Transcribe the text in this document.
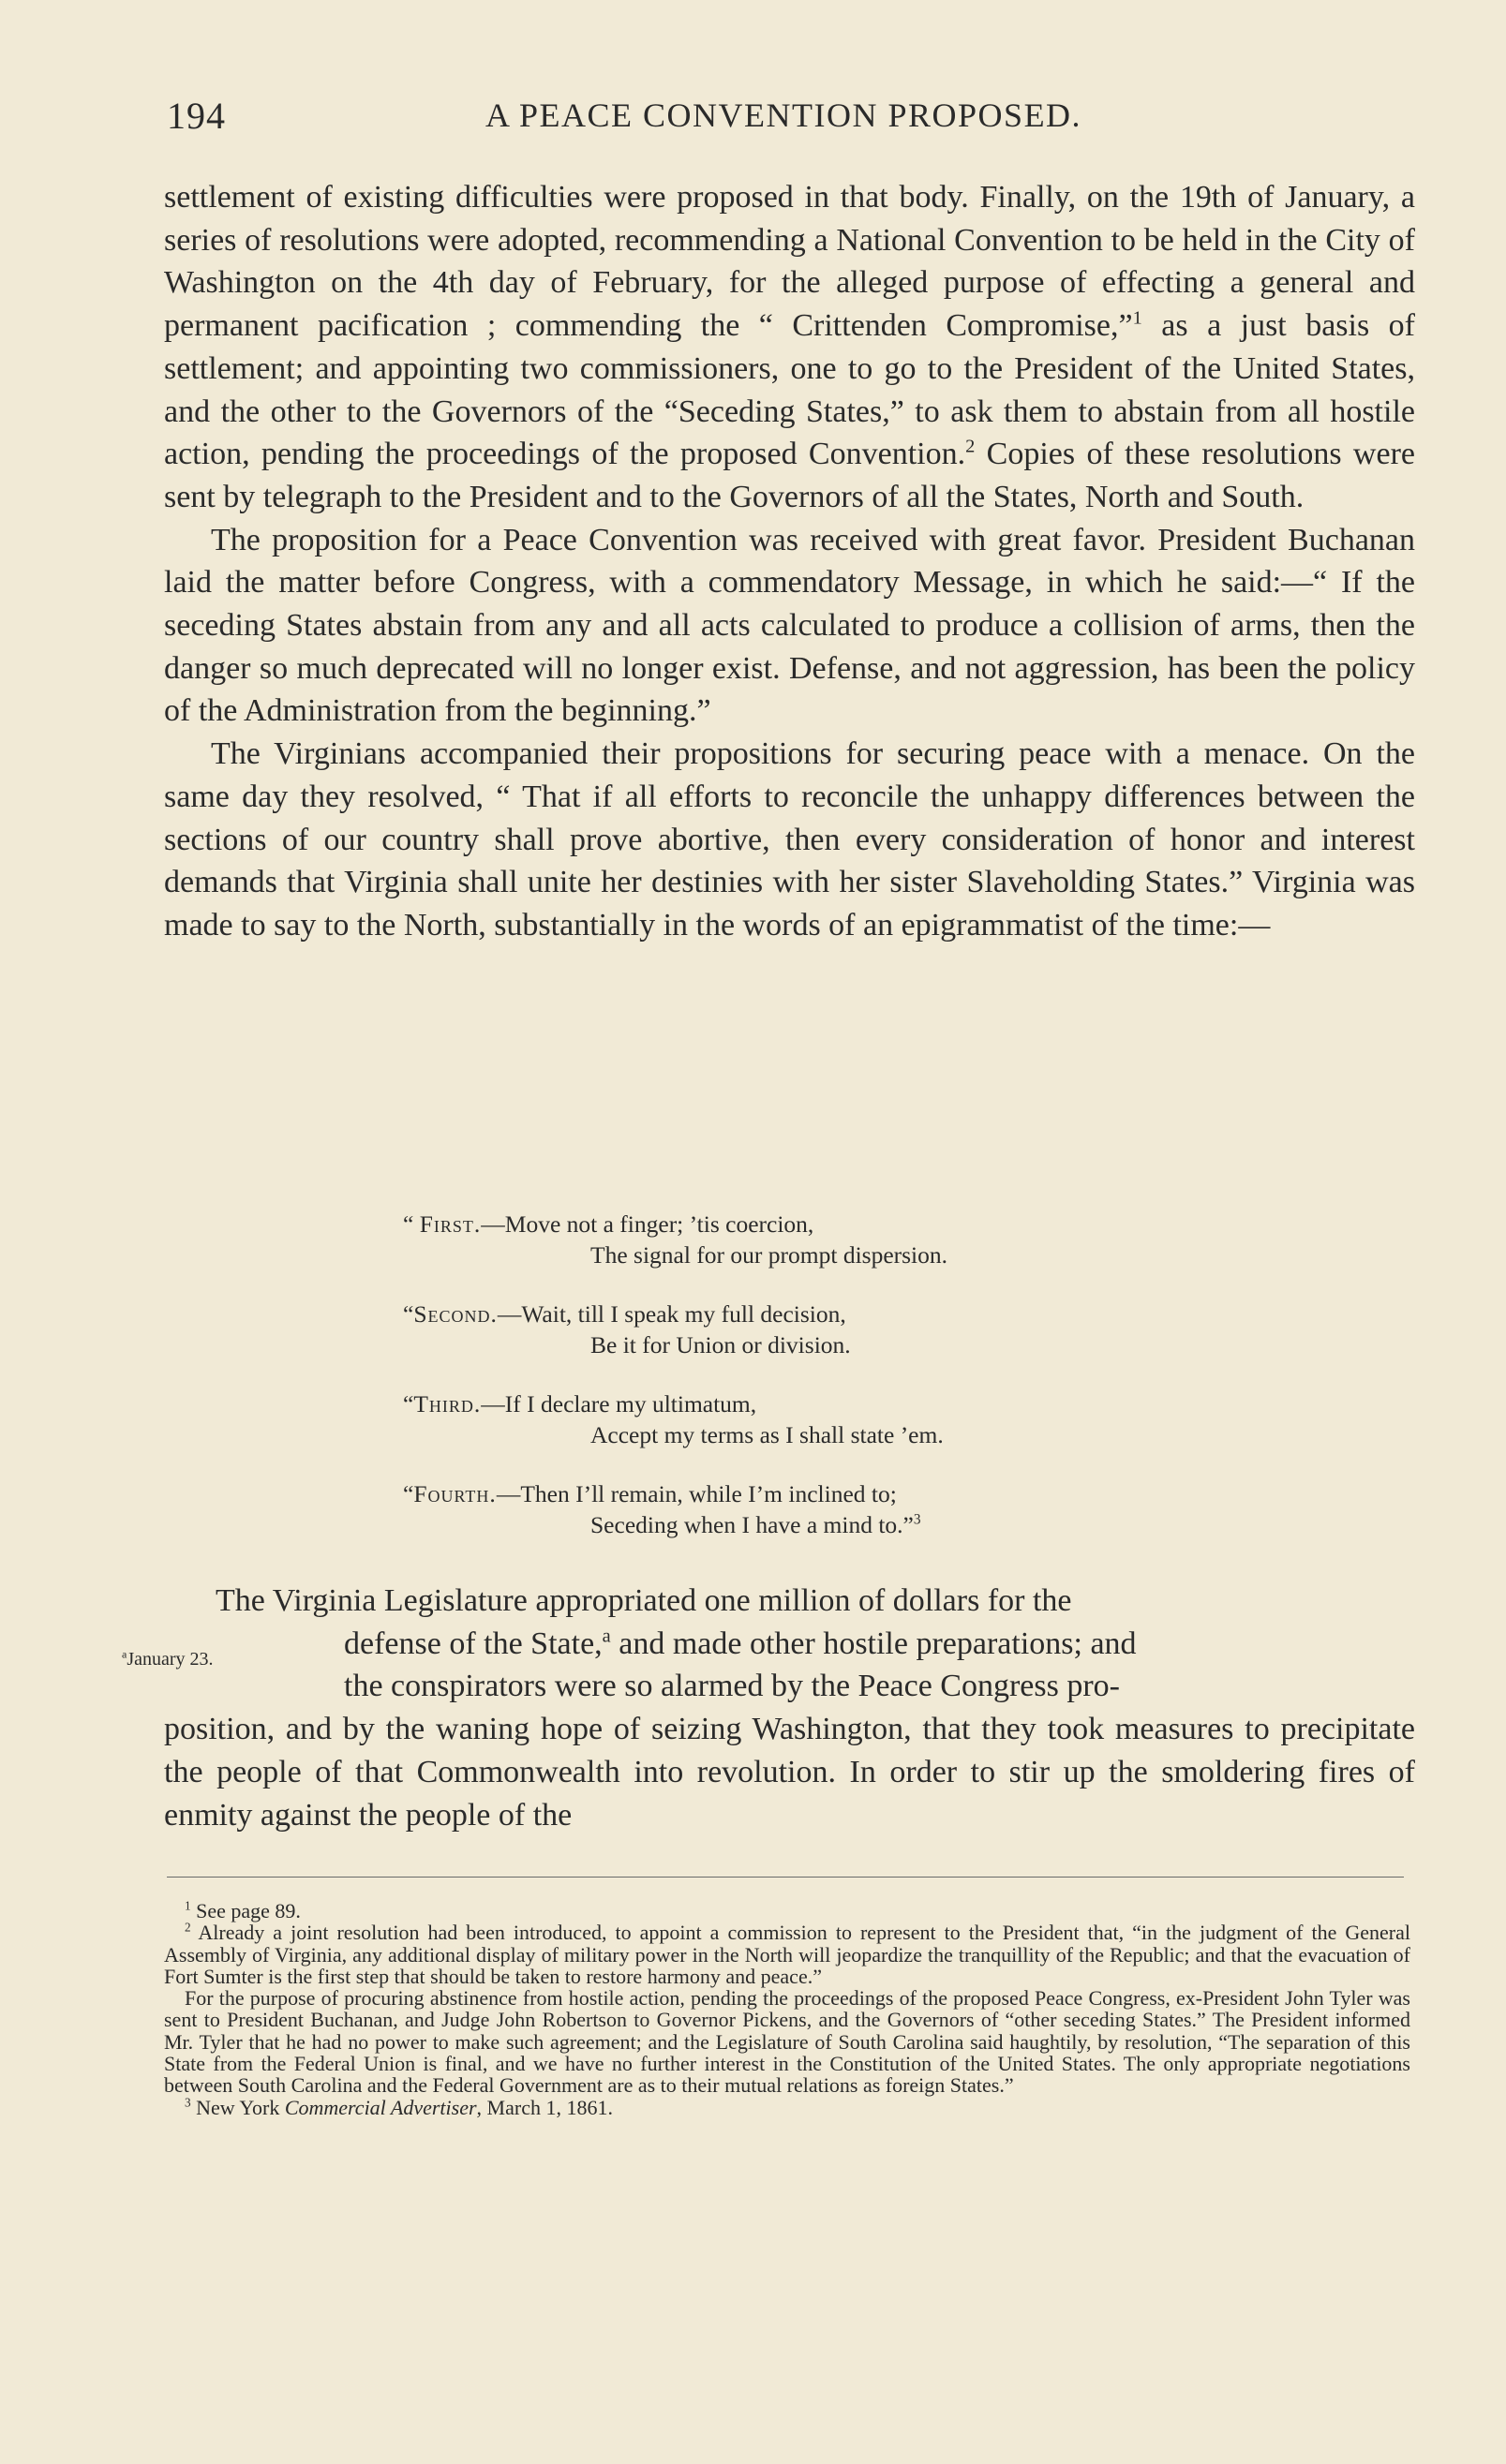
194	A PEACE CONVENTION PROPOSED.

settlement of existing difficulties were proposed in that body. Finally, on the 19th of January, a series of resolutions were adopted, recommending a National Convention to be held in the City of Washington on the 4th day of February, for the alleged purpose of effecting a general and permanent pacification ; commending the “ Crittenden Compromise,”$^1$ as a just basis of settlement; and appointing two commissioners, one to go to the President of the United States, and the other to the Governors of the “Seceding States,” to ask them to abstain from all hostile action, pending the proceedings of the proposed Convention.$^2$ Copies of these resolutions were sent by telegraph to the President and to the Governors of all the States, North and South.

The proposition for a Peace Convention was received with great favor. President Buchanan laid the matter before Congress, with a commendatory Message, in which he said:—“ If the seceding States abstain from any and all acts calculated to produce a collision of arms, then the danger so much deprecated will no longer exist. Defense, and not aggression, has been the policy of the Administration from the beginning.”

The Virginians accompanied their propositions for securing peace with a menace. On the same day they resolved, “ That if all efforts to reconcile the unhappy differences between the sections of our country shall prove abortive, then every consideration of honor and interest demands that Virginia shall unite her destinies with her sister Slaveholding States.” Virginia was made to say to the North, substantially in the words of an epigrammatist of the time:—

“ First.—Move not a finger; ’tis coercion,
The signal for our prompt dispersion.
“Second.—Wait, till I speak my full decision,
Be it for Union or division.
“Third.—If I declare my ultimatum,
Accept my terms as I shall state ’em.
“Fourth.—Then I’ll remain, while I’m inclined to;
Seceding when I have a mind to.”$^3$
$^a$January 23.

The Virginia Legislature appropriated one million of dollars for the
defense of the State,$^a$ and made other hostile preparations; and
the conspirators were so alarmed by the Peace Congress pro-
position, and by the waning hope of seizing Washington, that they took measures to precipitate the people of that Commonwealth into revolution. In order to stir up the smoldering fires of enmity against the people of the

$^1$ See page 89.

$^2$ Already a joint resolution had been introduced, to appoint a commission to represent to the President that, “in the judgment of the General Assembly of Virginia, any additional display of military power in the North will jeopardize the tranquillity of the Republic; and that the evacuation of Fort Sumter is the first step that should be taken to restore harmony and peace.”

For the purpose of procuring abstinence from hostile action, pending the proceedings of the proposed Peace Congress, ex-President John Tyler was sent to President Buchanan, and Judge John Robertson to Governor Pickens, and the Governors of “other seceding States.” The President informed Mr. Tyler that he had no power to make such agreement; and the Legislature of South Carolina said haughtily, by resolution, “The separation of this State from the Federal Union is final, and we have no further interest in the Constitution of the United States. The only appropriate negotiations between South Carolina and the Federal Government are as to their mutual relations as foreign States.”

$^3$ New York Commercial Advertiser, March 1, 1861.
